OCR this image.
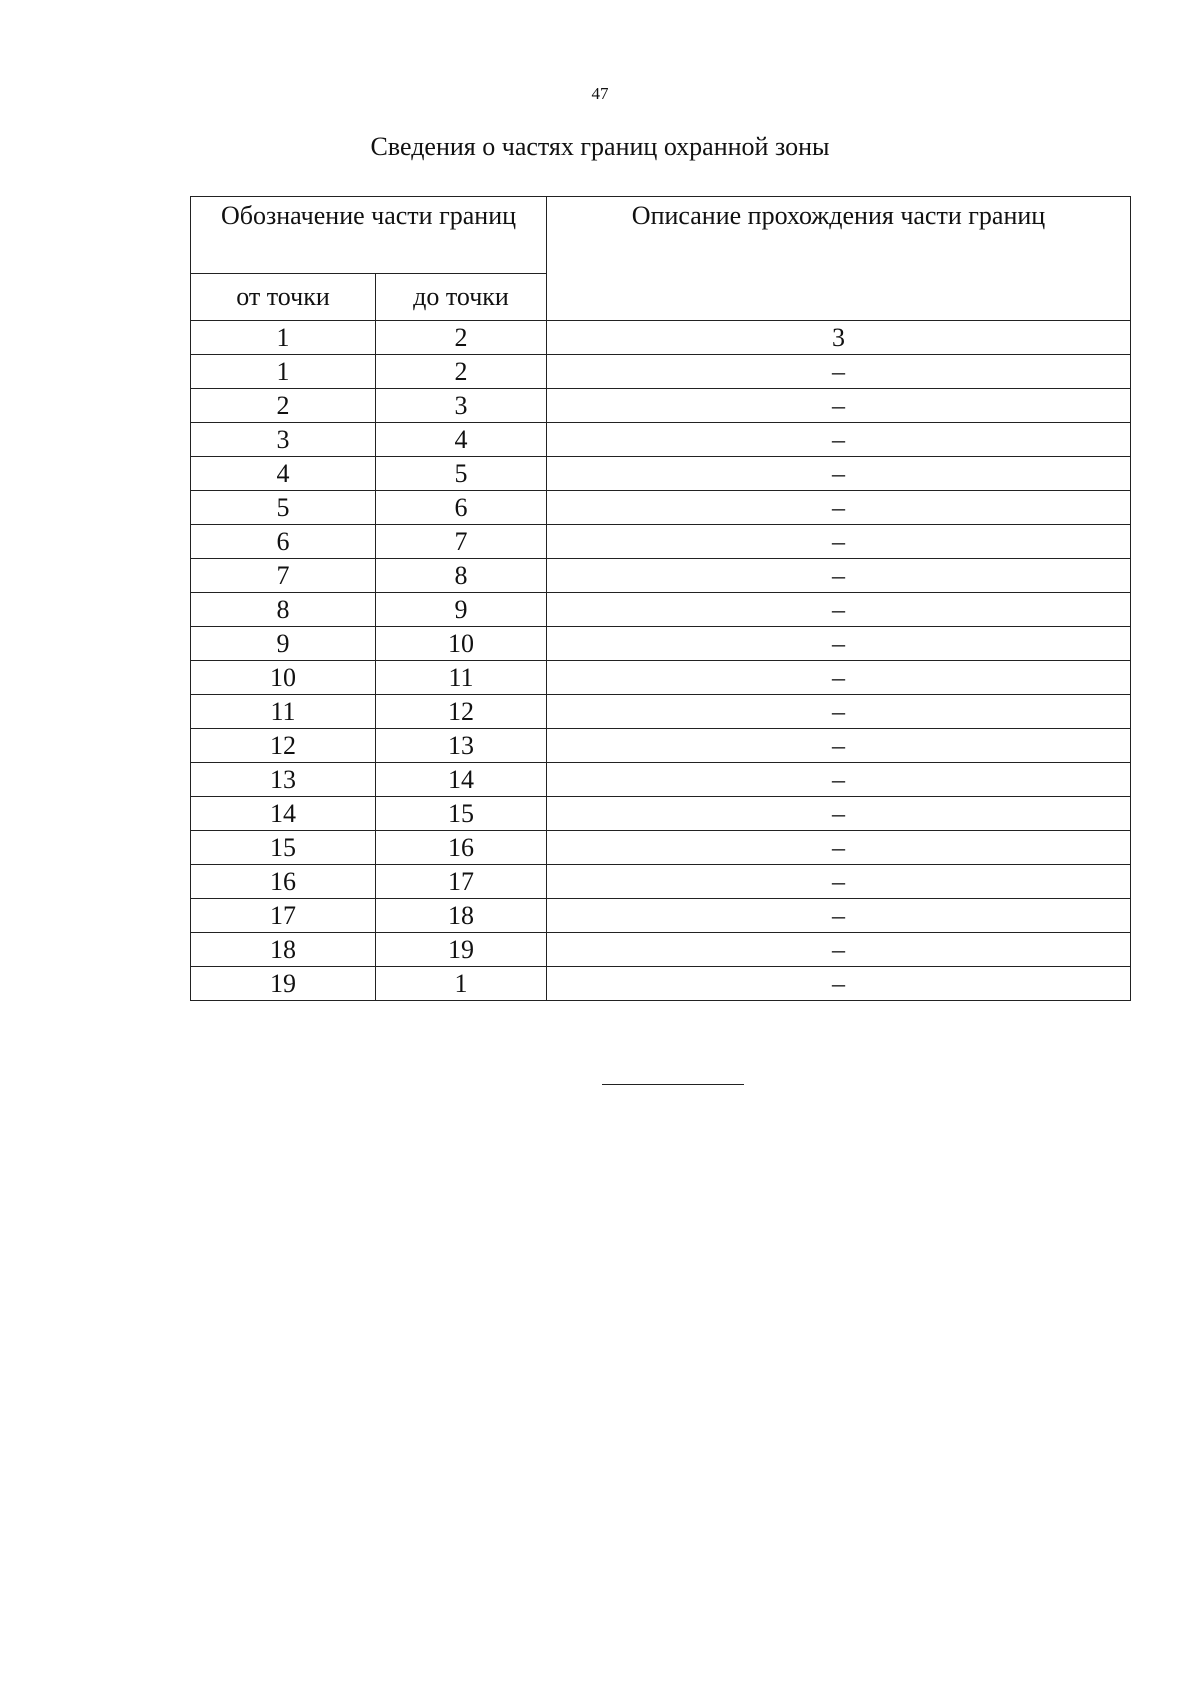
47
Сведения о частях границ охранной зоны
Обозначение части границ		Описание прохождения части границ
от точки	до точки	
1	2	3
1	2	–
2	3	–
3	4	–
4	5	–
5	6	–
6	7	–
7	8	–
8	9	–
9	10	–
10	11	–
11	12	–
12	13	–
13	14	–
14	15	–
15	16	–
16	17	–
17	18	–
18	19	–
19	1	–
